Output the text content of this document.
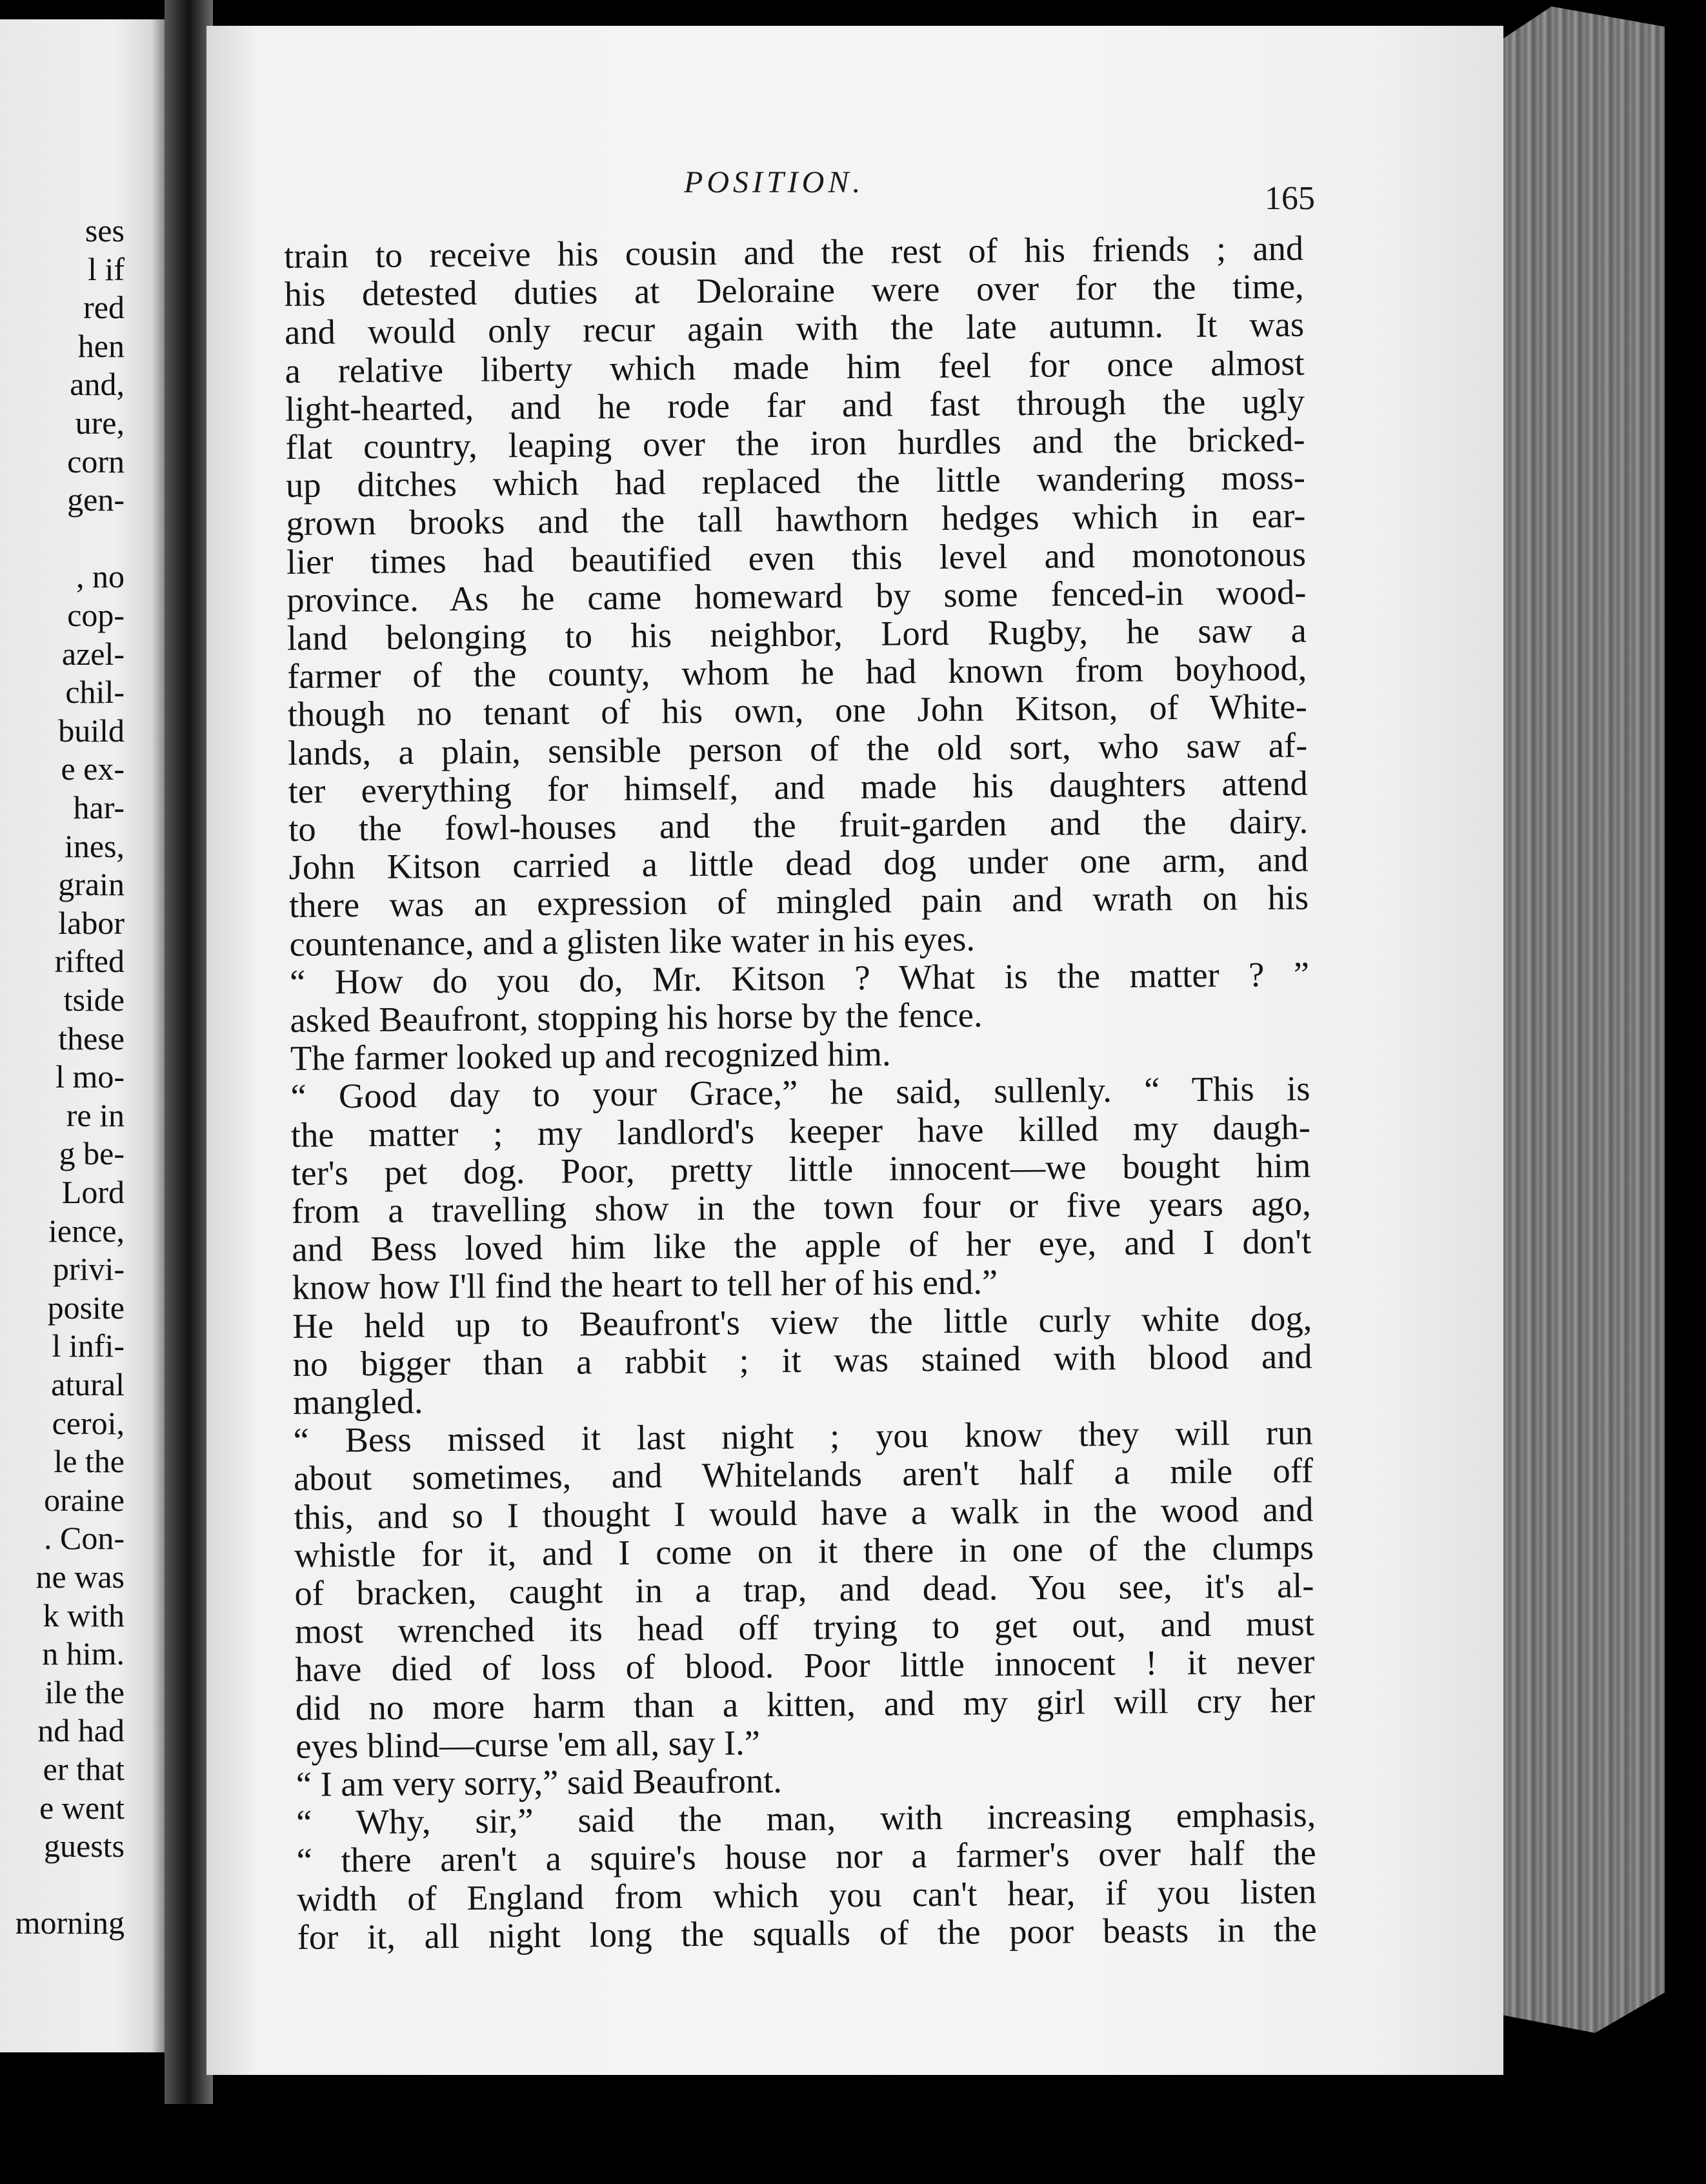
ses
l if
red
hen
and,
ure,
corn
gen-
, no
cop-
azel-
chil-
build
e ex-
har-
ines,
grain
labor
rifted
tside
these
l mo-
re in
g be-
Lord
ience,
privi-
posite
l infi-
atural
ceroi,
le the
oraine
. Con-
ne was
k with
n him.
ile the
nd had
er that
e went
guests
morning
POSITION.	165
train to receive his cousin and the rest of his friends ; and
his detested duties at Deloraine were over for the time,
and would only recur again with the late autumn. It was
a relative liberty which made him feel for once almost
light-hearted, and he rode far and fast through the ugly
flat country, leaping over the iron hurdles and the bricked-
up ditches which had replaced the little wandering moss-
grown brooks and the tall hawthorn hedges which in ear-
lier times had beautified even this level and monotonous
province. As he came homeward by some fenced-in wood-
land belonging to his neighbor, Lord Rugby, he saw a
farmer of the county, whom he had known from boyhood,
though no tenant of his own, one John Kitson, of White-
lands, a plain, sensible person of the old sort, who saw af-
ter everything for himself, and made his daughters attend
to the fowl-houses and the fruit-garden and the dairy.
John Kitson carried a little dead dog under one arm, and
there was an expression of mingled pain and wrath on his
countenance, and a glisten like water in his eyes.
“ How do you do, Mr. Kitson ? What is the matter ? ”
asked Beaufront, stopping his horse by the fence.
The farmer looked up and recognized him.
“ Good day to your Grace,” he said, sullenly. “ This is
the matter ; my landlord's keeper have killed my daugh-
ter's pet dog. Poor, pretty little innocent—we bought him
from a travelling show in the town four or five years ago,
and Bess loved him like the apple of her eye, and I don't
know how I'll find the heart to tell her of his end.”
He held up to Beaufront's view the little curly white dog,
no bigger than a rabbit ; it was stained with blood and
mangled.
“ Bess missed it last night ; you know they will run
about sometimes, and Whitelands aren't half a mile off
this, and so I thought I would have a walk in the wood and
whistle for it, and I come on it there in one of the clumps
of bracken, caught in a trap, and dead. You see, it's al-
most wrenched its head off trying to get out, and must
have died of loss of blood. Poor little innocent ! it never
did no more harm than a kitten, and my girl will cry her
eyes blind—curse 'em all, say I.”
“ I am very sorry,” said Beaufront.
“ Why, sir,” said the man, with increasing emphasis,
“ there aren't a squire's house nor a farmer's over half the
width of England from which you can't hear, if you listen
for it, all night long the squalls of the poor beasts in the
